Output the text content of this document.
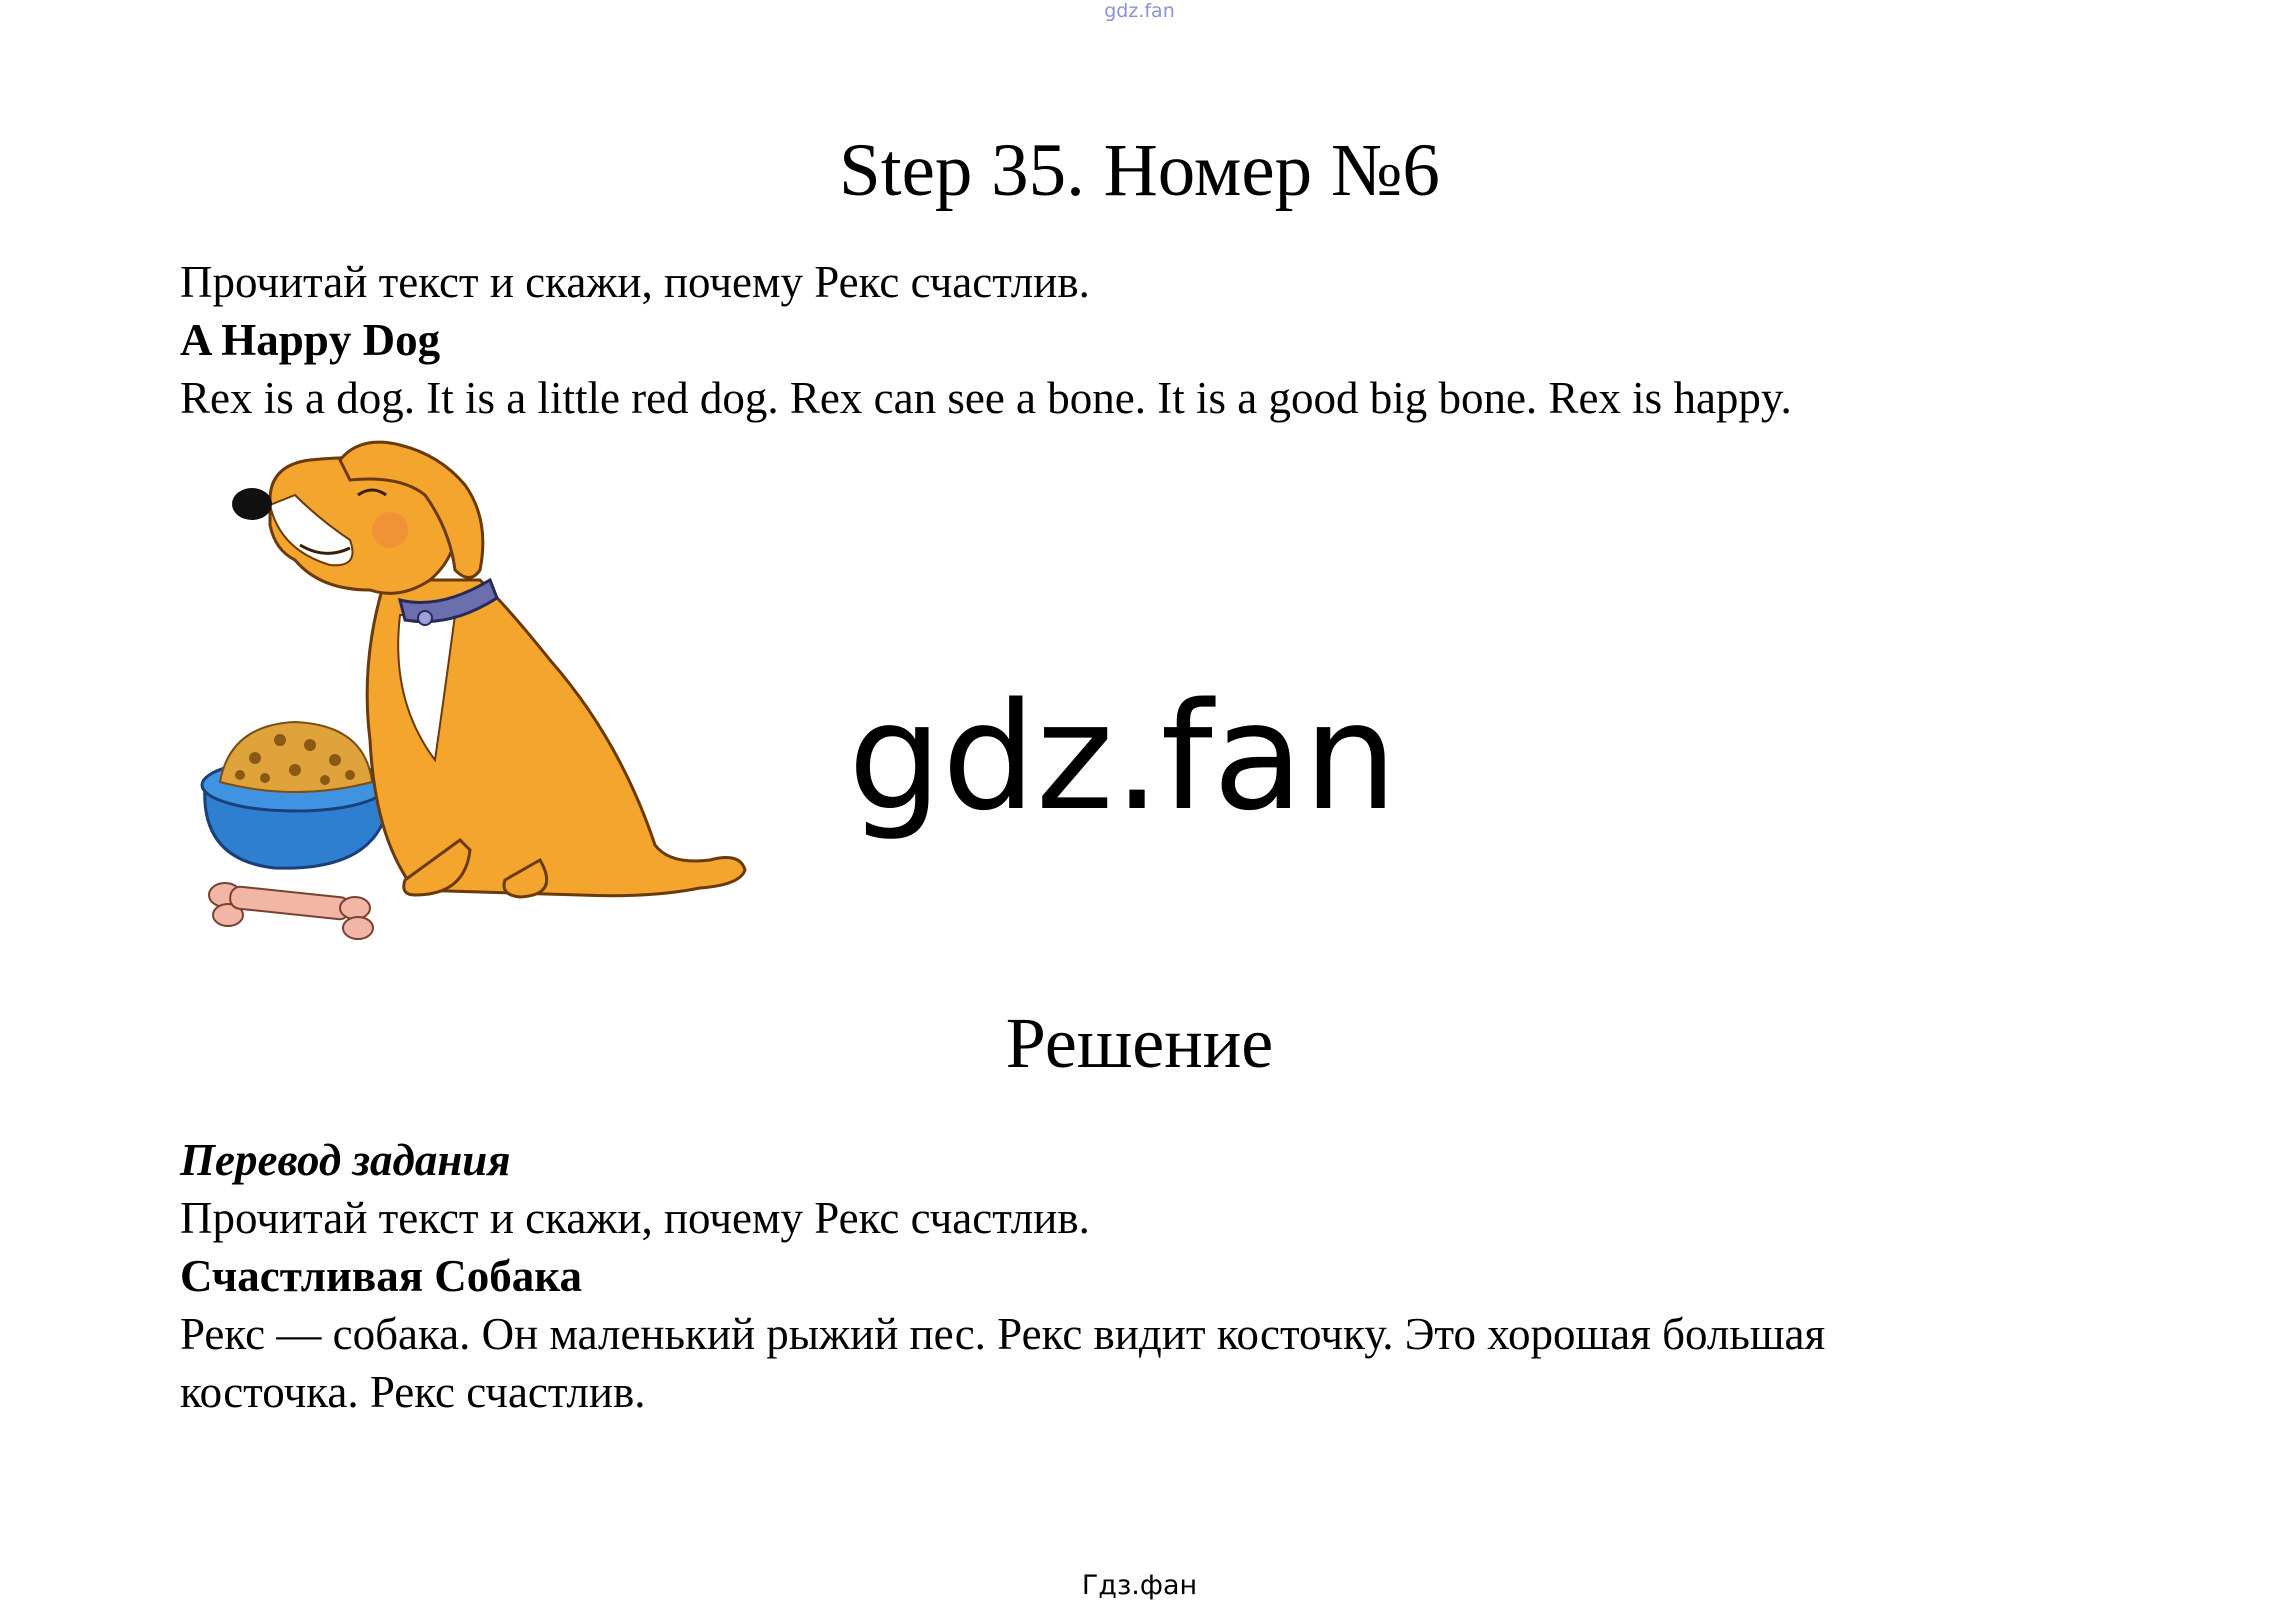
gdz.fan
Step 35. Номер №6
Прочитай текст и скажи, почему Рекс счастлив.
A Happy Dog
Rex is a dog. It is a little red dog. Rex can see a bone. It is a good big bone. Rex is happy.
gdz.fan
Решение
Перевод задания
Прочитай текст и скажи, почему Рекс счастлив.
Счастливая Собака
Рекс — собака. Он маленький рыжий пес. Рекс видит косточку. Это хорошая большая
косточка. Рекс счастлив.
Гдз.фан
